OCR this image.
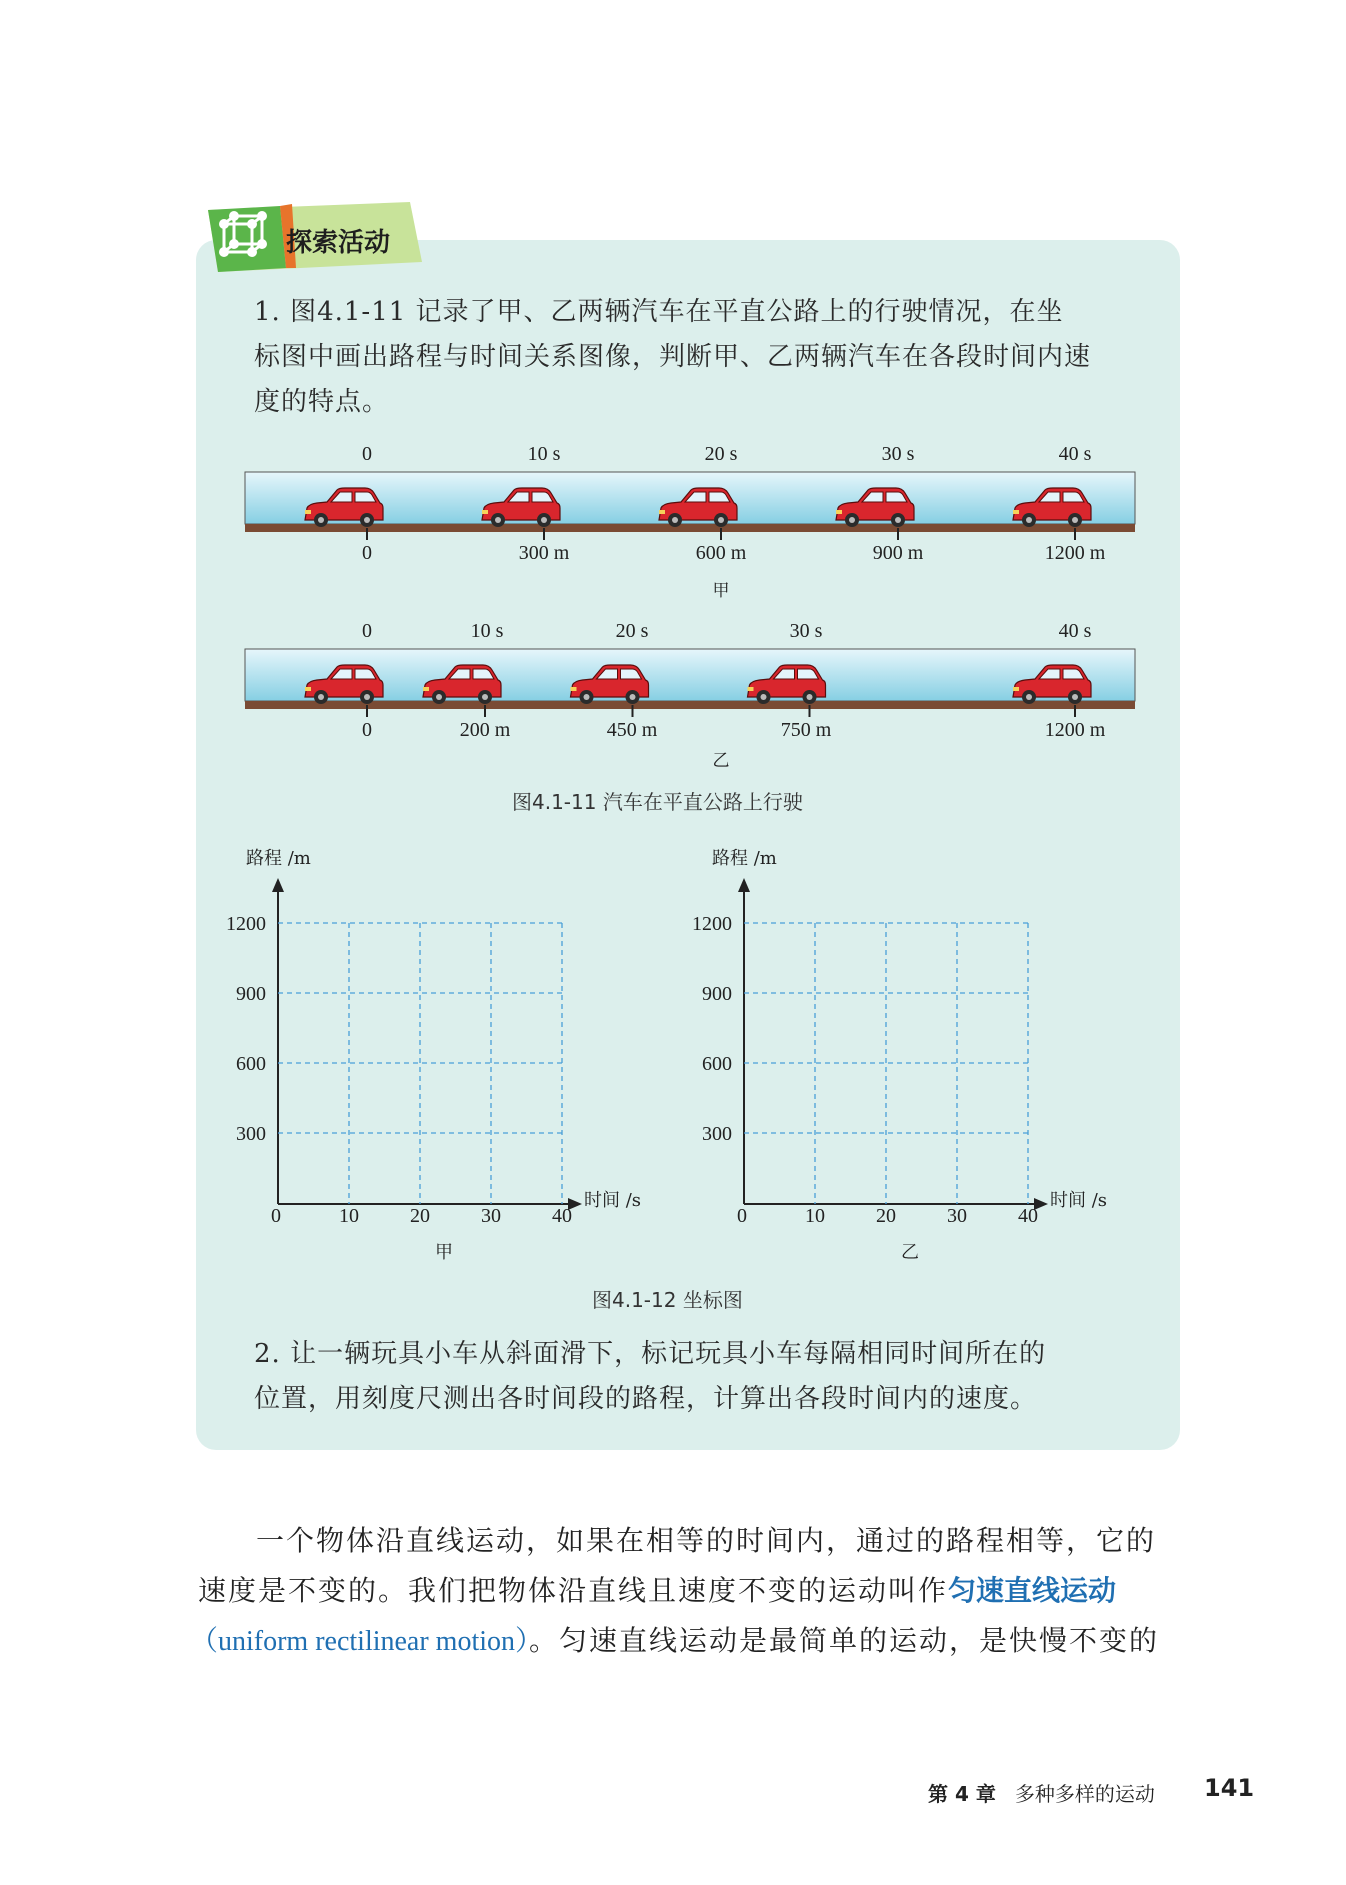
探索活动
1. 图4.1-11 记录了甲、乙两辆汽车在平直公路上的行驶情况，在坐
标图中画出路程与时间关系图像，判断甲、乙两辆汽车在各段时间内速
度的特点。
0	10 s	20 s	30 s	40 s
0	300 m	600 m	900 m	1200 m
甲
0	10 s	20 s	30 s	40 s
0	200 m	450 m	750 m	1200 m
乙
图4.1-11 汽车在平直公路上行驶
路程 /m
1200
900
600
300
0	10	20	30	40
时间 /s
甲
路程 /m
1200
900
600
300
0	10	20	30	40
时间 /s
乙
图4.1-12 坐标图
2. 让一辆玩具小车从斜面滑下，标记玩具小车每隔相同时间所在的
位置，用刻度尺测出各时间段的路程，计算出各段时间内的速度。
一个物体沿直线运动，如果在相等的时间内，通过的路程相等，它的
速度是不变的。我们把物体沿直线且速度不变的运动叫作匀速直线运动
（uniform rectilinear motion）。匀速直线运动是最简单的运动，是快慢不变的
第 4 章 多种多样的运动 141
